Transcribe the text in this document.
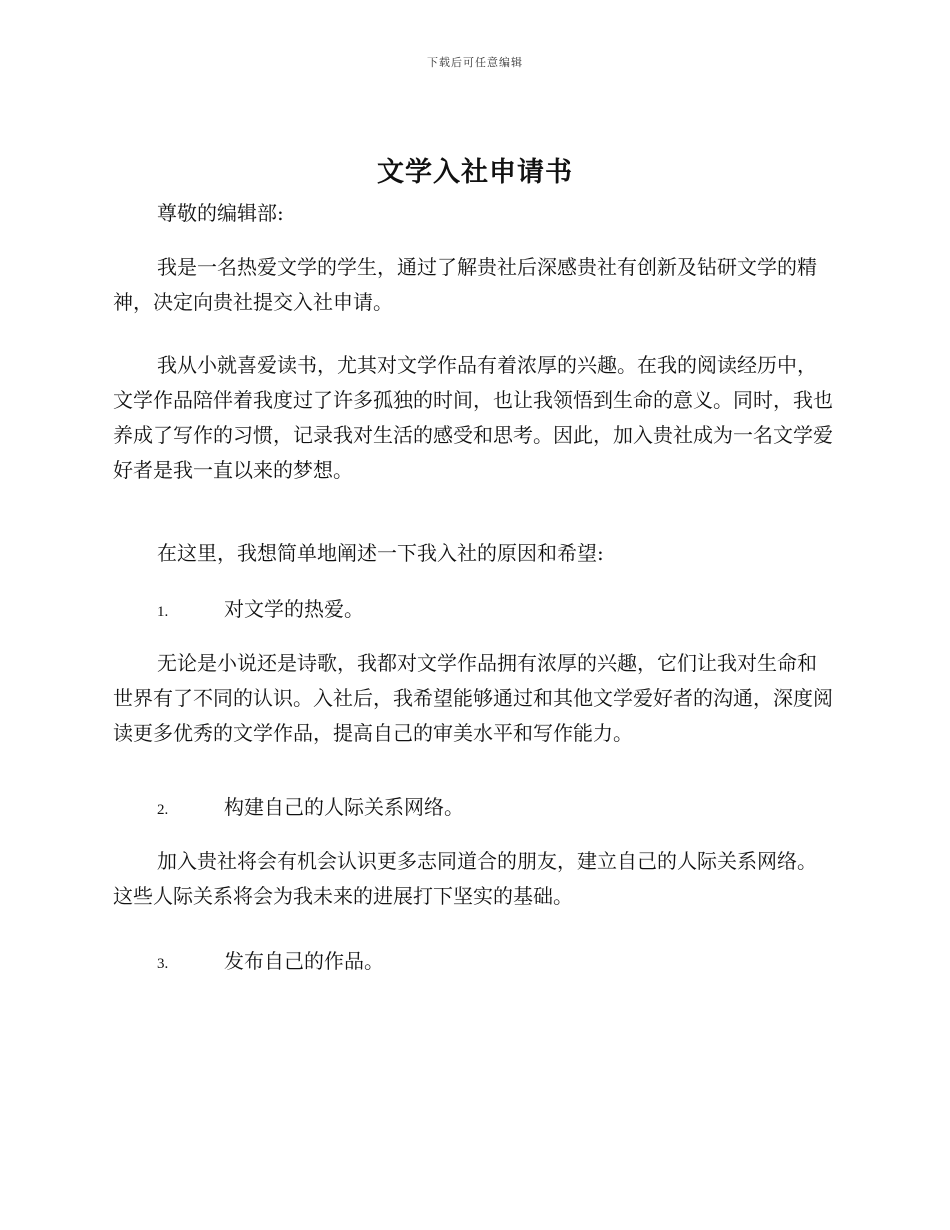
下载后可任意编辑
文学入社申请书

尊敬的编辑部:

我是一名热爱文学的学生，通过了解贵社后深感贵社有创新及钻研文学的精神，决定向贵社提交入社申请。

我从小就喜爱读书，尤其对文学作品有着浓厚的兴趣。在我的阅读经历中，文学作品陪伴着我度过了许多孤独的时间，也让我领悟到生命的意义。同时，我也养成了写作的习惯，记录我对生活的感受和思考。因此，加入贵社成为一名文学爱好者是我一直以来的梦想。

在这里，我想简单地阐述一下我入社的原因和希望:

1.	对文学的热爱。

无论是小说还是诗歌，我都对文学作品拥有浓厚的兴趣，它们让我对生命和世界有了不同的认识。入社后，我希望能够通过和其他文学爱好者的沟通，深度阅读更多优秀的文学作品，提高自己的审美水平和写作能力。

2.	构建自己的人际关系网络。

加入贵社将会有机会认识更多志同道合的朋友，建立自己的人际关系网络。这些人际关系将会为我未来的进展打下坚实的基础。

3.	发布自己的作品。
